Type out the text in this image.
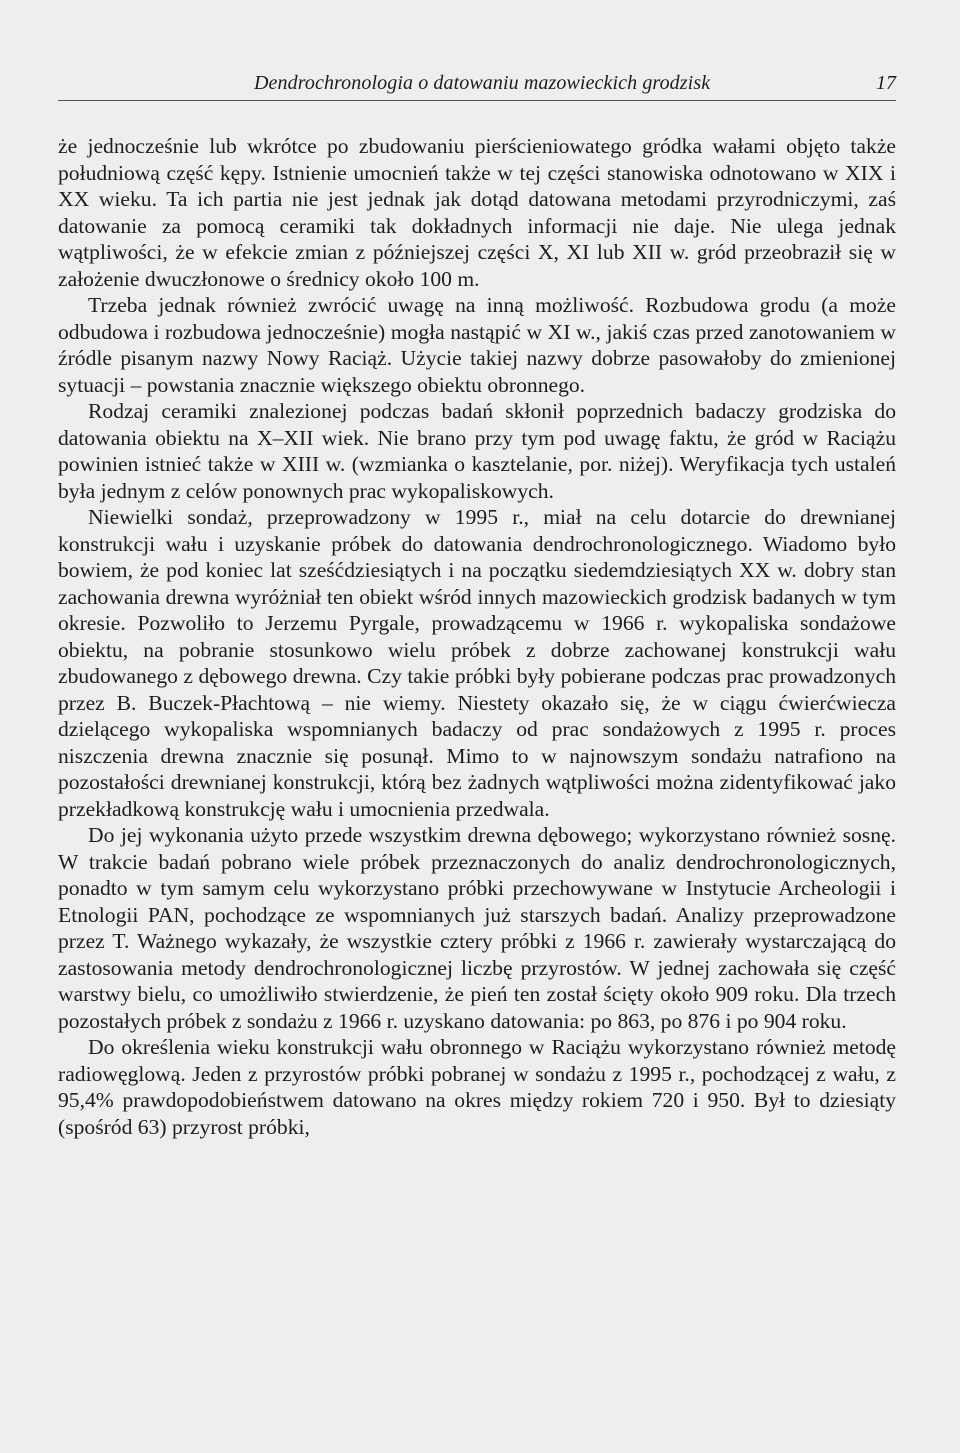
Dendrochronologia o datowaniu mazowieckich grodzisk	17

że jednocześnie lub wkrótce po zbudowaniu pierścieniowatego gródka wałami objęto także południową część kępy. Istnienie umocnień także w tej części stanowiska odnotowano w XIX i XX wieku. Ta ich partia nie jest jednak jak dotąd datowana metodami przyrodniczymi, zaś datowanie za pomocą ceramiki tak dokładnych informacji nie daje. Nie ulega jednak wątpliwości, że w efekcie zmian z późniejszej części X, XI lub XII w. gród przeobraził się w założenie dwuczłonowe o średnicy około 100 m.

Trzeba jednak również zwrócić uwagę na inną możliwość. Rozbudowa grodu (a może odbudowa i rozbudowa jednocześnie) mogła nastąpić w XI w., jakiś czas przed zanotowaniem w źródle pisanym nazwy Nowy Raciąż. Użycie takiej nazwy dobrze pasowałoby do zmienionej sytuacji – powstania znacznie większego obiektu obronnego.

Rodzaj ceramiki znalezionej podczas badań skłonił poprzednich badaczy grodziska do datowania obiektu na X–XII wiek. Nie brano przy tym pod uwagę faktu, że gród w Raciążu powinien istnieć także w XIII w. (wzmianka o kasztelanie, por. niżej). Weryfikacja tych ustaleń była jednym z celów ponownych prac wykopaliskowych.

Niewielki sondaż, przeprowadzony w 1995 r., miał na celu dotarcie do drewnianej konstrukcji wału i uzyskanie próbek do datowania dendrochronologicznego. Wiadomo było bowiem, że pod koniec lat sześćdziesiątych i na początku siedemdziesiątych XX w. dobry stan zachowania drewna wyróżniał ten obiekt wśród innych mazowieckich grodzisk badanych w tym okresie. Pozwoliło to Jerzemu Pyrgale, prowadzącemu w 1966 r. wykopaliska sondażowe obiektu, na pobranie stosunkowo wielu próbek z dobrze zachowanej konstrukcji wału zbudowanego z dębowego drewna. Czy takie próbki były pobierane podczas prac prowadzonych przez B. Buczek-Płachtową – nie wiemy. Niestety okazało się, że w ciągu ćwierćwiecza dzielącego wykopaliska wspomnianych badaczy od prac sondażowych z 1995 r. proces niszczenia drewna znacznie się posunął. Mimo to w najnowszym sondażu natrafiono na pozostałości drewnianej konstrukcji, którą bez żadnych wątpliwości można zidentyfikować jako przekładkową konstrukcję wału i umocnienia przedwala.

Do jej wykonania użyto przede wszystkim drewna dębowego; wykorzystano również sosnę. W trakcie badań pobrano wiele próbek przeznaczonych do analiz dendrochronologicznych, ponadto w tym samym celu wykorzystano próbki przechowywane w Instytucie Archeologii i Etnologii PAN, pochodzące ze wspomnianych już starszych badań. Analizy przeprowadzone przez T. Ważnego wykazały, że wszystkie cztery próbki z 1966 r. zawierały wystarczającą do zastosowania metody dendrochronologicznej liczbę przyrostów. W jednej zachowała się część warstwy bielu, co umożliwiło stwierdzenie, że pień ten został ścięty około 909 roku. Dla trzech pozostałych próbek z sondażu z 1966 r. uzyskano datowania: po 863, po 876 i po 904 roku.

Do określenia wieku konstrukcji wału obronnego w Raciążu wykorzystano również metodę radiowęglową. Jeden z przyrostów próbki pobranej w sondażu z 1995 r., pochodzącej z wału, z 95,4% prawdopodobieństwem datowano na okres między rokiem 720 i 950. Był to dziesiąty (spośród 63) przyrost próbki,
